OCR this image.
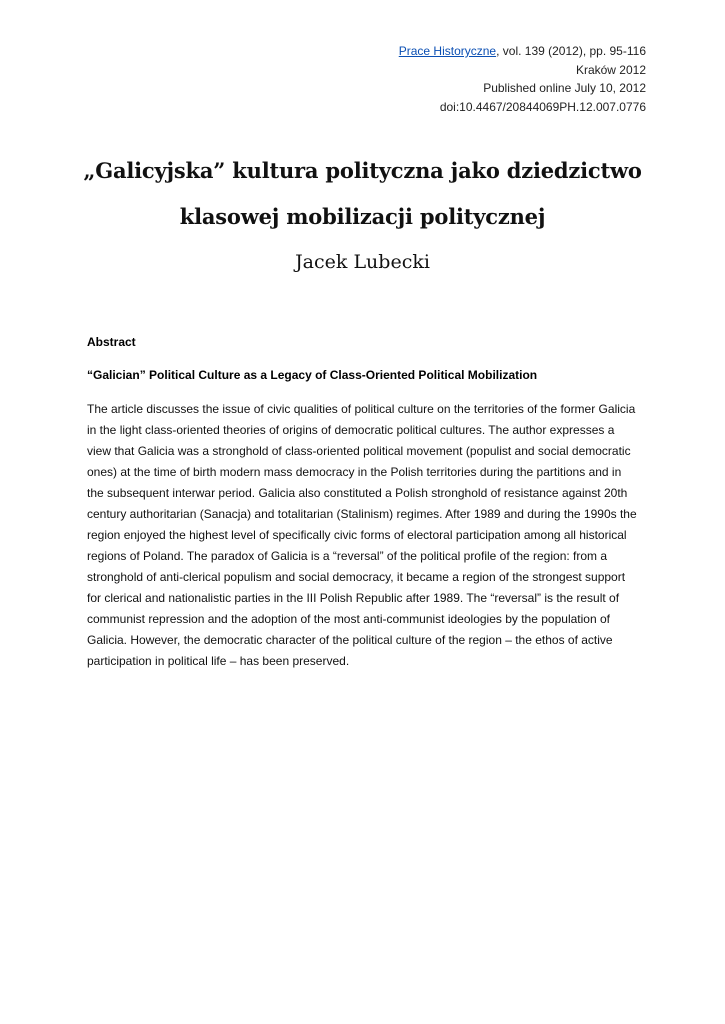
Prace Historyczne, vol. 139 (2012), pp. 95-116
Kraków 2012
Published online July 10, 2012
doi:10.4467/20844069PH.12.007.0776
„Galicyjska” kultura polityczna jako dziedzictwo
klasowej mobilizacji politycznej
Jacek Lubecki
Abstract
“Galician” Political Culture as a Legacy of Class-Oriented Political Mobilization
The article discusses the issue of civic qualities of political culture on the territories of the former Galicia
in the light class-oriented theories of origins of democratic political cultures. The author expresses a
view that Galicia was a stronghold of class-oriented political movement (populist and social democratic
ones) at the time of birth modern mass democracy in the Polish territories during the partitions and in
the subsequent interwar period. Galicia also constituted a Polish stronghold of resistance against 20th
century authoritarian (Sanacja) and totalitarian (Stalinism) regimes. After 1989 and during the 1990s the
region enjoyed the highest level of specifically civic forms of electoral participation among all historical
regions of Poland. The paradox of Galicia is a “reversal” of the political profile of the region: from a
stronghold of anti-clerical populism and social democracy, it became a region of the strongest support
for clerical and nationalistic parties in the III Polish Republic after 1989. The “reversal” is the result of
communist repression and the adoption of the most anti-communist ideologies by the population of
Galicia. However, the democratic character of the political culture of the region – the ethos of active
participation in political life – has been preserved.
